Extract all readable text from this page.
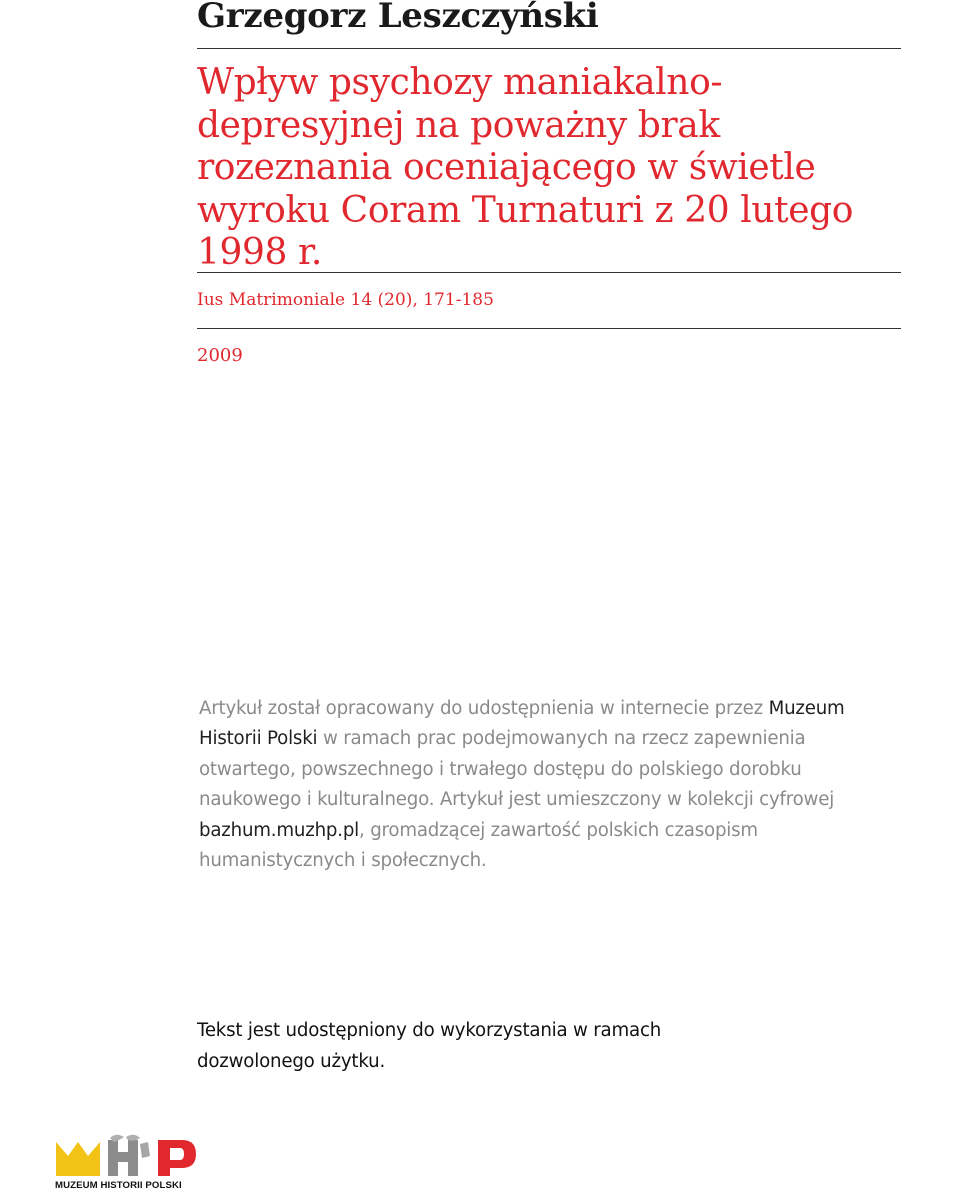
Grzegorz Leszczyński
Wpływ psychozy maniakalno-depresyjnej na poważny brak rozeznania oceniającego w świetle wyroku Coram Turnaturi z 20 lutego 1998 r.
Ius Matrimoniale 14 (20), 171-185
2009
Artykuł został opracowany do udostępnienia w internecie przez Muzeum Historii Polski w ramach prac podejmowanych na rzecz zapewnienia otwartego, powszechnego i trwałego dostępu do polskiego dorobku naukowego i kulturalnego. Artykuł jest umieszczony w kolekcji cyfrowej bazhum.muzhp.pl, gromadzącej zawartość polskich czasopism humanistycznych i społecznych.
Tekst jest udostępniony do wykorzystania w ramach dozwolonego użytku.
MUZEUM HISTORII POLSKI
